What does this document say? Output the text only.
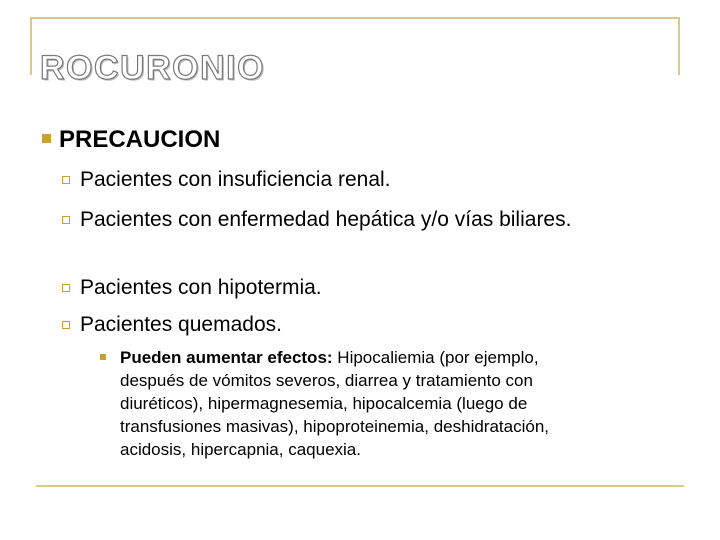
ROCURONIO
PRECAUCION
Pacientes con insuficiencia renal.
Pacientes con enfermedad hepática y/o vías biliares.
Pacientes con hipotermia.
Pacientes quemados.
Pueden aumentar efectos: Hipocaliemia (por ejemplo, después de vómitos severos, diarrea y tratamiento con diuréticos), hipermagnesemia, hipocalcemia (luego de transfusiones masivas), hipoproteinemia, deshidratación, acidosis, hipercapnia, caquexia.
